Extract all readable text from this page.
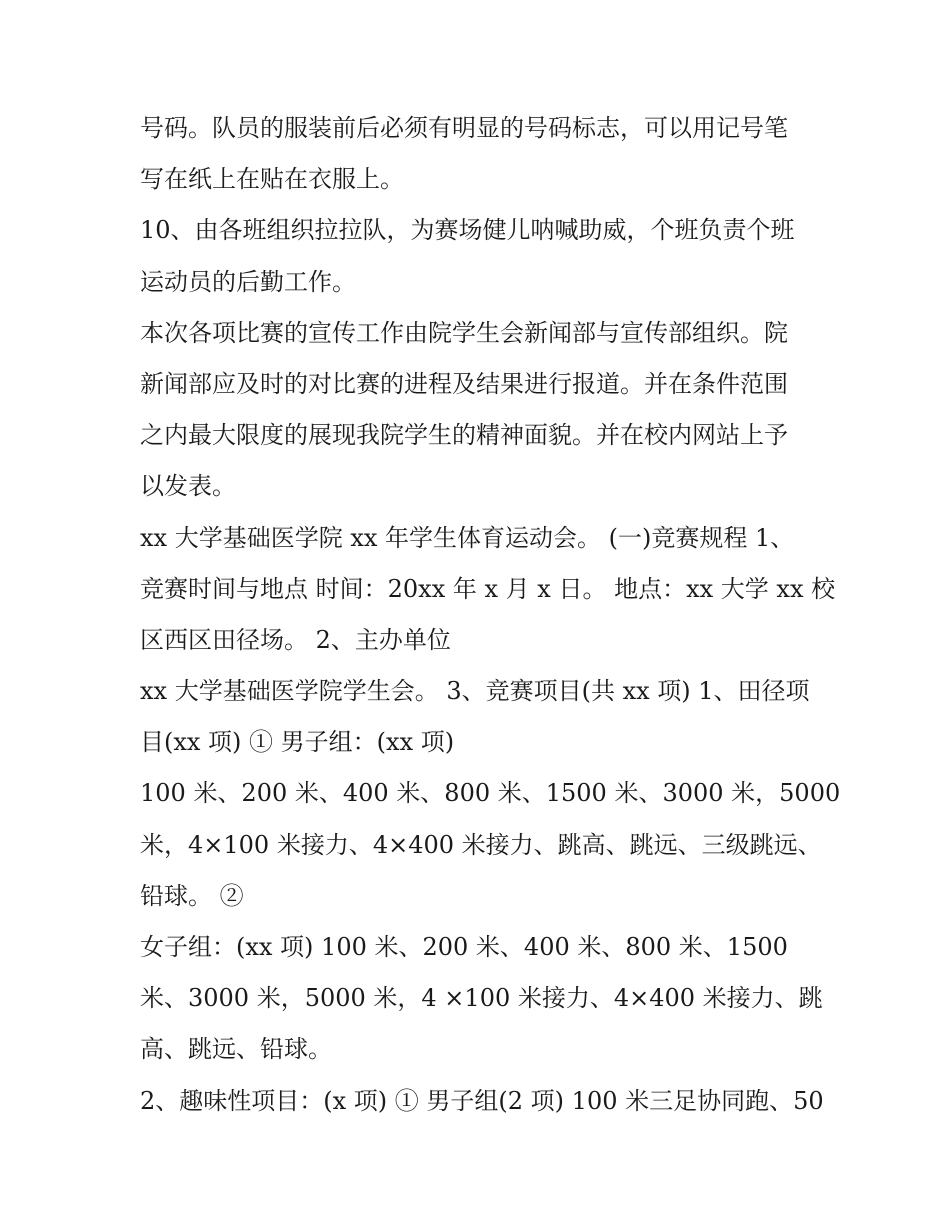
号码。队员的服装前后必须有明显的号码标志，可以用记号笔
写在纸上在贴在衣服上。
10、由各班组织拉拉队，为赛场健儿呐喊助威，个班负责个班
运动员的后勤工作。
本次各项比赛的宣传工作由院学生会新闻部与宣传部组织。院
新闻部应及时的对比赛的进程及结果进行报道。并在条件范围
之内最大限度的展现我院学生的精神面貌。并在校内网站上予
以发表。
xx 大学基础医学院 xx 年学生体育运动会。 (一)竞赛规程 1、
竞赛时间与地点 时间：20xx 年 x 月 x 日。 地点：xx 大学 xx 校
区西区田径场。 2、主办单位
xx 大学基础医学院学生会。 3、竞赛项目(共 xx 项) 1、田径项
目(xx 项) ① 男子组：(xx 项)
100 米、200 米、400 米、800 米、1500 米、3000 米，5000
米，4×100 米接力、4×400 米接力、跳高、跳远、三级跳远、
铅球。 ②
女子组：(xx 项) 100 米、200 米、400 米、800 米、1500
米、3000 米，5000 米，4 ×100 米接力、4×400 米接力、跳
高、跳远、铅球。
2、趣味性项目：(x 项) ① 男子组(2 项) 100 米三足协同跑、50
